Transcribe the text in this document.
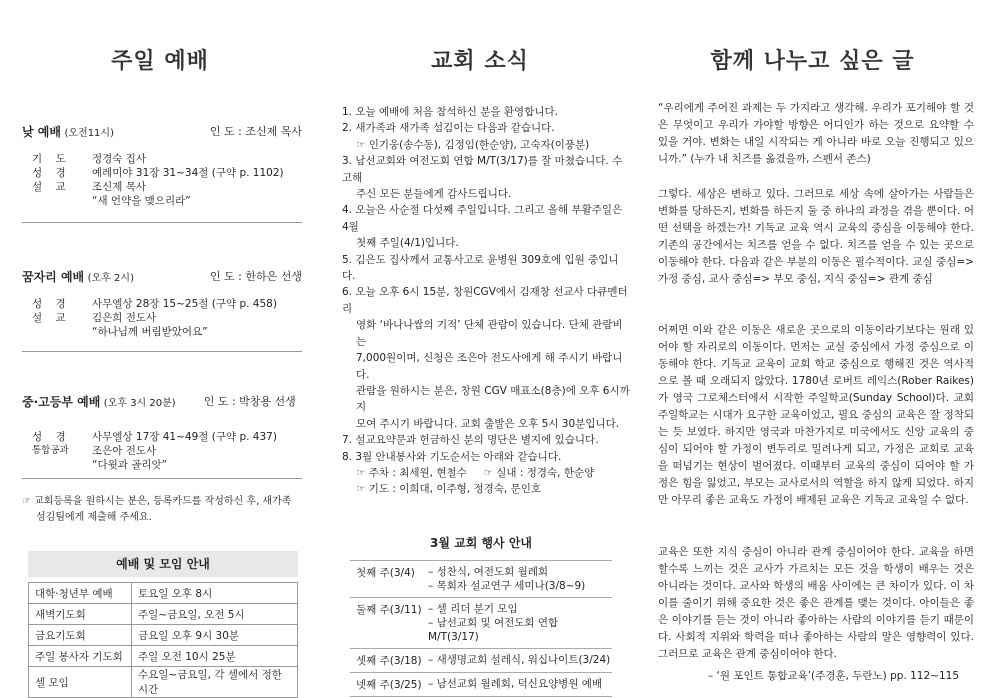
주일 예배
낮 예배 (오전11시)	인 도 : 조신제 목사
기 도	정경숙 집사
성 경	예레미야 31장 31~34절 (구약 p. 1102)
설 교	조신제 목사
“새 언약을 맺으리라”
꿈자리 예배 (오후 2시)	인 도 : 한하은 선생
성 경	사무엘상 28장 15~25절 (구약 p. 458)
설 교	김은희 전도사
“하나님께 버림받았어요”
중·고등부 예배 (오후 3시 20분)	인 도 : 박창용 선생
성 경	사무엘상 17장 41~49절 (구약 p. 437)
통합공과	조은아 전도사
“다윗과 골리앗”
☞ 교회등록을 원하시는 분은, 등록카드를 작성하신 후, 새가족
섬김팀에게 제출해 주세요.
예배 및 모임 안내
대학·청년부 예배	토요일 오후 8시
새벽기도회	주일~금요일, 오전 5시
금요기도회	금요일 오후 9시 30분
주일 봉사자 기도회	주일 오전 10시 25분
셀 모임	수요일~금요일, 각 셀에서 정한 시간
교회 소식
1. 오늘 예배에 처음 참석하신 분을 환영합니다.
2. 새가족과 새가족 섬김이는 다음과 같습니다.
☞ 인기웅(송수동), 김정임(한순양), 고숙자(이풍분)
3. 남선교회와 여전도회 연합 M/T(3/17)를 잘 마쳤습니다. 수고해
주신 모든 분들에게 감사드립니다.
4. 오늘은 사순절 다섯째 주일입니다. 그리고 올해 부활주일은 4월
첫째 주일(4/1)입니다.
5. 김은도 집사께서 교통사고로 윤병원 309호에 입원 중입니다.
6. 오늘 오후 6시 15분, 창원CGV에서 김재창 선교사 다큐멘터리
영화 ‘바나나쌈의 기적’ 단체 관람이 있습니다. 단체 관람비는
7,000원이며, 신청은 조은아 전도사에게 해 주시기 바랍니다.
관람을 원하시는 분은, 창원 CGV 매표소(8층)에 오후 6시까지
모여 주시기 바랍니다. 교회 출발은 오후 5시 30분입니다.
7. 설교요약문과 헌금하신 분의 명단은 별지에 있습니다.
8. 3월 안내봉사와 기도순서는 아래와 같습니다.
☞ 주차 : 최세원, 현철수     ☞ 실내 : 정경숙, 한순양
☞ 기도 : 이희대, 이주형, 정경숙, 문인호
3월 교회 행사 안내
첫째 주(3/4)	– 성찬식, 여전도회 월례회
– 목회자 설교연구 세미나(3/8~9)
둘째 주(3/11) – 셀 리더 분기 모임
– 남선교회 및 여전도회 연합 M/T(3/17)
셋째 주(3/18) – 새생명교회 설레식, 워십나이트(3/24)
넷째 주(3/25) – 남선교회 월례회, 덕신요양병원 예배
함께 나누고 싶은 글

“우리에게 주어진 과제는 두 가지라고 생각해. 우리가 포기해야 할 것은 무엇이고 우리가 가야할 방향은 어디인가 하는 것으로 요약할 수 있을 거야. 변화는 내일 시작되는 게 아니라 바로 오늘 진행되고 있으니까.” (누가 내 치즈를 옮겼을까, 스펜서 존스)

그렇다. 세상은 변하고 있다. 그러므로 세상 속에 살아가는 사람들은 변화를 당하든지, 변화를 하든지 둘 중 하나의 과정을 겪을 뿐이다. 어떤 선택을 하겠는가! 기독교 교육 역시 교육의 중심을 이동해야 한다. 기존의 공간에서는 치즈를 얻을 수 없다. 치즈를 얻을 수 있는 곳으로 이동해야 한다. 다음과 같은 부분의 이동은 필수적이다. 교실 중심=> 가정 중심, 교사 중심=> 부모 중심, 지식 중심=> 관계 중심

어쩌면 이와 같은 이동은 새로운 곳으로의 이동이라기보다는 원래 있어야 할 자리로의 이동이다. 먼저는 교실 중심에서 가정 중심으로 이동해야 한다. 기독교 교육이 교회 학교 중심으로 행해진 것은 역사적으로 볼 때 오래되지 않았다. 1780년 로버트 레익스(Rober Raikes)가 영국 그로체스터에서 시작한 주일학교(Sunday School)다. 교회 주일학교는 시대가 요구한 교육이었고, 필요 중심의 교육은 잘 정착되는 듯 보였다. 하지만 영국과 마찬가지로 미국에서도 신앙 교육의 중심이 되어야 할 가정이 변두리로 밀려나게 되고, 가정은 교회로 교육을 떠넘기는 현상이 벌어졌다. 이때부터 교육의 중심이 되어야 할 가정은 힘을 잃었고, 부모는 교사로서의 역할을 하지 않게 되었다. 하지만 아무리 좋은 교육도 가정이 배제된 교육은 기독교 교육일 수 없다.

교육은 또한 지식 중심이 아니라 관계 중심이어야 한다. 교육을 하면 할수록 느끼는 것은 교사가 가르치는 모든 것을 학생이 배우는 것은 아니라는 것이다. 교사와 학생의 배움 사이에는 큰 차이가 있다. 이 차이를 줄이기 위해 중요한 것은 좋은 관계를 맺는 것이다. 아이들은 좋은 이야기를 듣는 것이 아니라 좋아하는 사람의 이야기를 듣기 때문이다. 사회적 지위와 학력을 떠나 좋아하는 사람의 말은 영향력이 있다. 그러므로 교육은 관계 중심이어야 한다.

– ‘원 포인트 통합교육’(주경훈, 두란노) pp. 112~115
